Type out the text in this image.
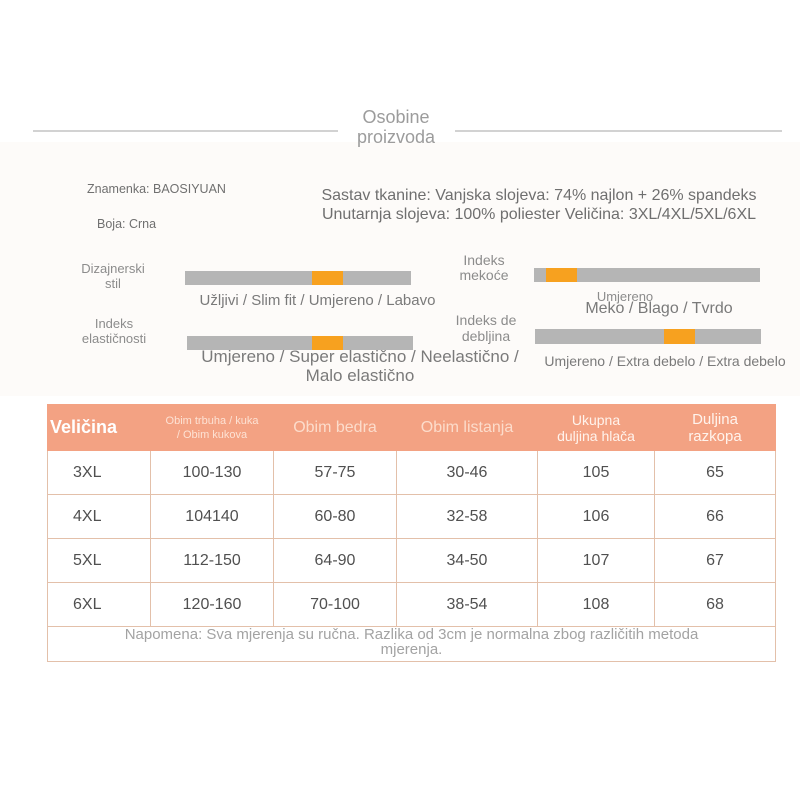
Osobine
proizvoda
Znamenka: BAOSIYUAN
Boja: Crna
Sastav tkanine: Vanjska slojeva: 74% najlon + 26% spandeks
Unutarnja slojeva: 100% poliester Veličina: 3XL/4XL/5XL/6XL
Dizajnerski
stil
Užljivi / Slim fit / Umjereno / Labavo
Indeks
mekoće
Umjereno
Meko / Blago / Tvrdo
Indeks
elastičnosti
Umjereno / Super elastično / Neelastično /
Malo elastično
Indeks de
debljina
Umjereno / Extra debelo / Extra debelo
Veličina	Obim trbuha / kuka
/ Obim kukova	Obim bedra	Obim listanja	Ukupna
duljina hlača	Duljina
razkopa

3XL	100-130	57-75	30-46	105	65
4XL	104140	60-80	32-58	106	66
5XL	112-150	64-90	34-50	107	67
6XL	120-160	70-100	38-54	108	68

Napomena: Sva mjerenja su ručna. Razlika od 3cm je normalna zbog različitih metoda
mjerenja.					
